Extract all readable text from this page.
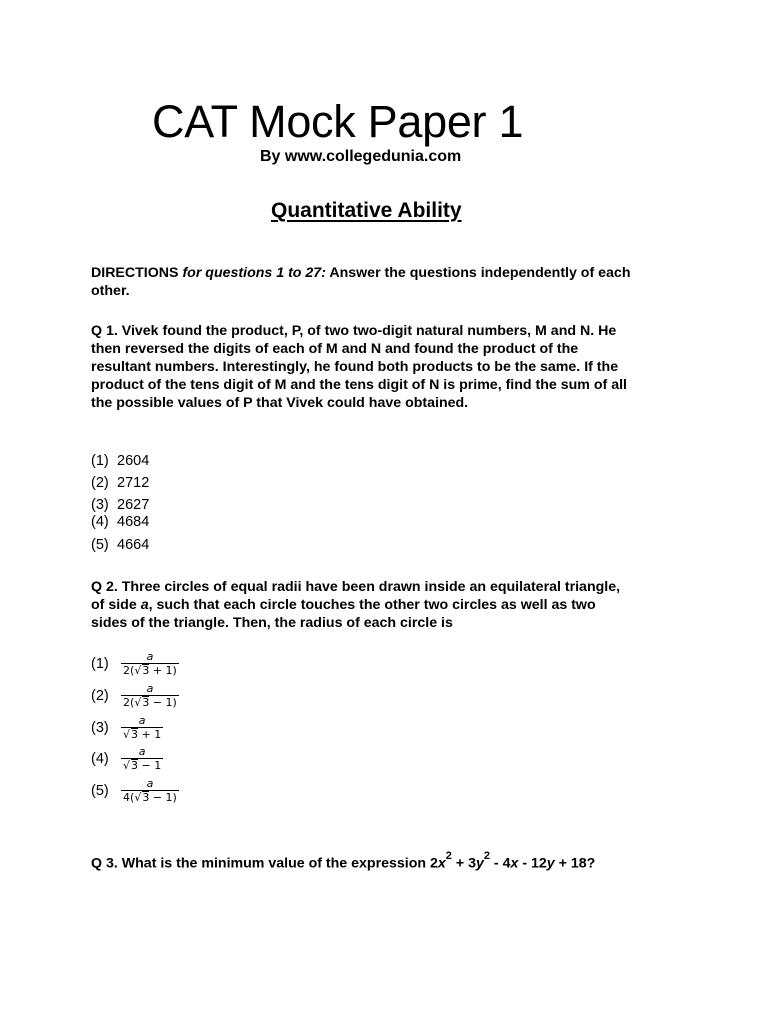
CAT Mock Paper 1
By www.collegedunia.com
Quantitative Ability

DIRECTIONS for questions 1 to 27: Answer the questions independently of each other.

Q 1. Vivek found the product, P, of two two-digit natural numbers, M and N. He then reversed the digits of each of M and N and found the product of the resultant numbers. Interestingly, he found both products to be the same. If the product of the tens digit of M and the tens digit of N is prime, find the sum of all the possible values of P that Vivek could have obtained.

(1) 2604
(2) 2712
(3) 2627
(4) 4684
(5) 4664

Q 2. Three circles of equal radii have been drawn inside an equilateral triangle, of side a, such that each circle touches the other two circles as well as two sides of the triangle. Then, the radius of each circle is

$(1) \frac{a}{2(√3 + 1)}$
$(2) \frac{a}{2(√3 - 1)}$
$(3) \frac{a}{√3 + 1}$
$(4) \frac{a}{√3 - 1}$
$(5) \frac{a}{4(√3 - 1)}$
Q 3. What is the minimum value of the expression $2x^2 + 3y^2 - 4x - 12y + 18$?
